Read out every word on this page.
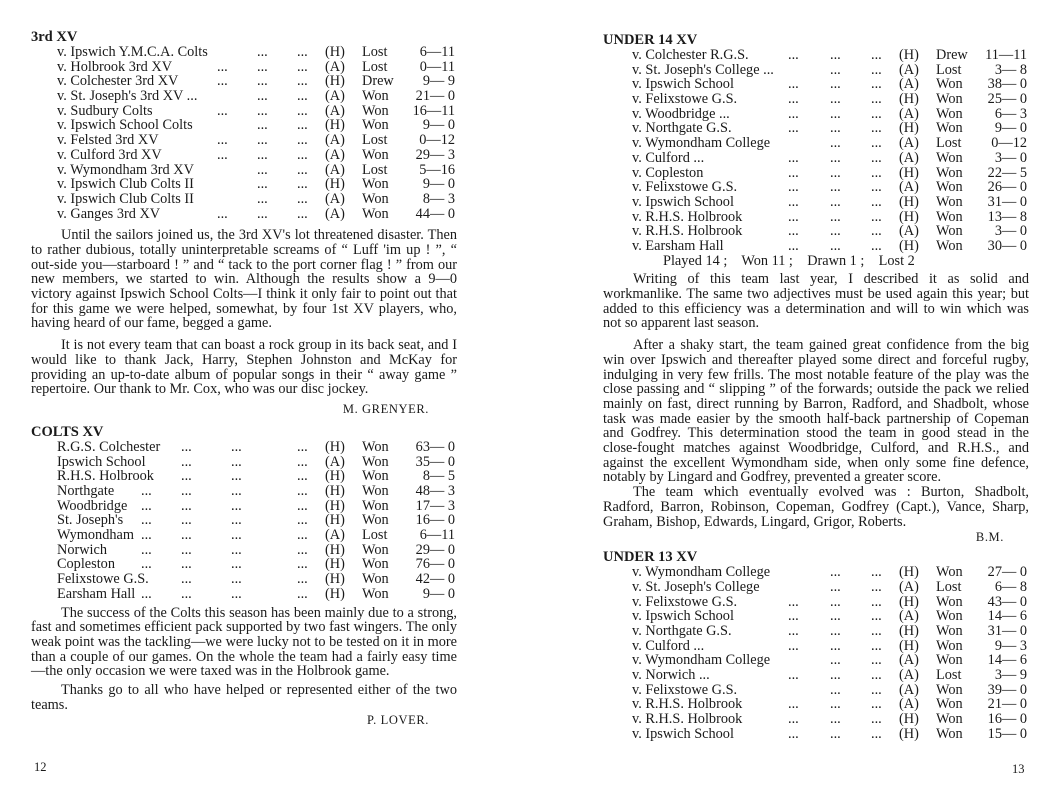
3rd XV
v. Ipswich Y.M.C.A. Colts	... ... (H) Lost	6—11
v. Holbrook 3rd XV	... ... ... (A) Lost	0—11
v. Colchester 3rd XV	... ... ... (H) Drew	9— 9
v. St. Joseph's 3rd XV ...	... ... (A) Won	21— 0
v. Sudbury Colts	... ... ... (A) Won	16—11
v. Ipswich School Colts	... ... (H) Won	9— 0
v. Felsted 3rd XV	... ... ... (A) Lost	0—12
v. Culford 3rd XV	... ... ... (A) Won	29— 3
v. Wymondham 3rd XV	... ... (A) Lost	5—16
v. Ipswich Club Colts II	... ... (H) Won	9— 0
v. Ipswich Club Colts II	... ... (A) Won	8— 3
v. Ganges 3rd XV	... ... ... (A) Won	44— 0

Until the sailors joined us, the 3rd XV's lot threatened disaster. Then to rather dubious, totally uninterpretable screams of “ Luff 'im up ! ”, “ out-side you—starboard ! ” and “ tack to the port corner flag ! ” from our new members, we started to win. Although the results show a 9—0 victory against Ipswich School Colts—I think it only fair to point out that for this game we were helped, somewhat, by four 1st XV players, who, having heard of our fame, begged a game.

It is not every team that can boast a rock group in its back seat, and I would like to thank Jack, Harry, Stephen Johnston and McKay for providing an up-to-date album of popular songs in their “ away game ” repertoire. Our thank to Mr. Cox, who was our disc jockey.

M. GRENYER.

COLTS XV
R.G.S. Colchester ...	...	... (H) Won	63— 0
Ipswich School ...	...	... (A) Won	35— 0
R.H.S. Holbrook ...	...	... (H) Won	8— 5
Northgate ... ...	...	... (H) Won	48— 3
Woodbridge ... ...	...	... (H) Won	17— 3
St. Joseph's ... ...	...	... (H) Won	16— 0
Wymondham ... ...	...	... (A) Lost	6—11
Norwich ... ...	...	... (H) Won	29— 0
Copleston ... ...	...	... (H) Won	76— 0
Felixstowe G.S. ...	...	... (H) Won	42— 0
Earsham Hall ... ...	...	... (H) Won	9— 0

The success of the Colts this season has been mainly due to a strong, fast and sometimes efficient pack supported by two fast wingers. The only weak point was the tackling—we were lucky not to be tested on it in more than a couple of our games. On the whole the team had a fairly easy time—the only occasion we were taxed was in the Holbrook game.

Thanks go to all who have helped or represented either of the two teams.

P. LOVER.

12
UNDER 14 XV
v. Colchester R.G.S.	... ... ... (H) Drew	11—11
v. St. Joseph's College ...	... ... (A) Lost	3— 8
v. Ipswich School	... ... ... (A) Won	38— 0
v. Felixstowe G.S.	... ... ... (H) Won	25— 0
v. Woodbridge ...	... ... ... (A) Won	6— 3
v. Northgate G.S.	... ... ... (H) Won	9— 0
v. Wymondham College	... ... (A) Lost	0—12
v. Culford ...	... ... ... (A) Won	3— 0
v. Copleston	... ... ... (H) Won	22— 5
v. Felixstowe G.S.	... ... ... (A) Won	26— 0
v. Ipswich School	... ... ... (H) Won	31— 0
v. R.H.S. Holbrook	... ... ... (H) Won	13— 8
v. R.H.S. Holbrook	... ... ... (A) Won	3— 0
v. Earsham Hall	... ... ... (H) Won	30— 0

Played 14 ;    Won 11 ;    Drawn 1 ;    Lost 2

Writing of this team last year, I described it as solid and workmanlike. The same two adjectives must be used again this year; but added to this efficiency was a determination and will to win which was not so apparent last season.

After a shaky start, the team gained great confidence from the big win over Ipswich and thereafter played some direct and forceful rugby, indulging in very few frills. The most notable feature of the play was the close passing and “ slipping ” of the forwards; outside the pack we relied mainly on fast, direct running by Barron, Radford, and Shadbolt, whose task was made easier by the smooth half-back partnership of Copeman and Godfrey. This determination stood the team in good stead in the close-fought matches against Woodbridge, Culford, and R.H.S., and against the excellent Wymondham side, when only some fine defence, notably by Lingard and Godfrey, prevented a greater score.

The team which eventually evolved was : Burton, Shadbolt, Radford, Barron, Robinson, Copeman, Godfrey (Capt.), Vance, Sharp, Graham, Bishop, Edwards, Lingard, Grigor, Roberts.

B.M.

UNDER 13 XV
v. Wymondham College	... ... (H) Won	27— 0
v. St. Joseph's College	... ... (A) Lost	6— 8
v. Felixstowe G.S.	... ... ... (H) Won	43— 0
v. Ipswich School	... ... ... (A) Won	14— 6
v. Northgate G.S.	... ... ... (H) Won	31— 0
v. Culford ...	... ... ... (H) Won	9— 3
v. Wymondham College	... ... (A) Won	14— 6
v. Norwich ...	... ... ... (A) Lost	3— 9
v. Felixstowe G.S.	... ... (A) Won	39— 0
v. R.H.S. Holbrook	... ... ... (A) Won	21— 0
v. R.H.S. Holbrook	... ... ... (H) Won	16— 0
v. Ipswich School	... ... ... (H) Won	15— 0
13
